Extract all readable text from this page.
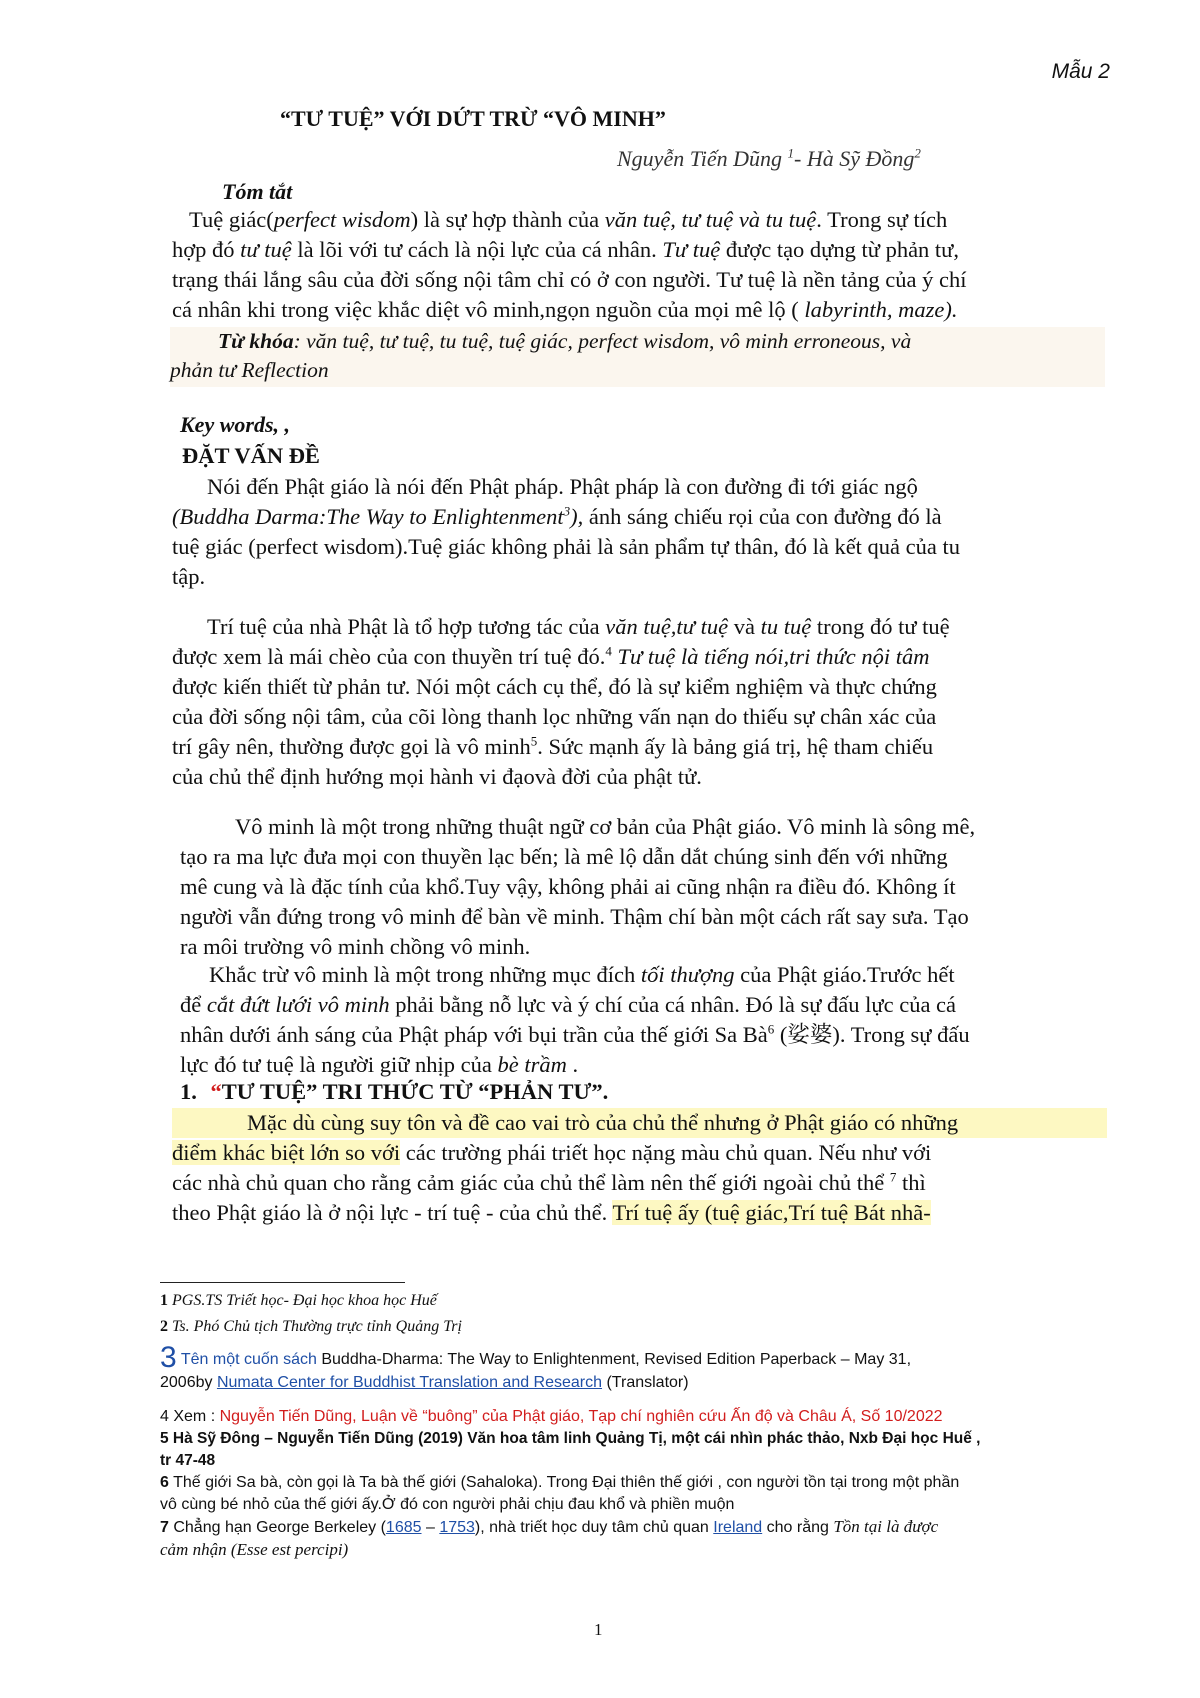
Mẫu 2
“TƯ TUỆ” VỚI DỨT TRỪ “VÔ MINH”
Nguyễn Tiến Dũng $^1$- Hà Sỹ Đồng$^2$
Tóm tắt
Tuệ giác(perfect wisdom) là sự hợp thành của văn tuệ, tư tuệ và tu tuệ. Trong sự tích
hợp đó tư tuệ là lõi với tư cách là nội lực của cá nhân. Tư tuệ được tạo dựng từ phản tư,
trạng thái lắng sâu của đời sống nội tâm chỉ có ở con người. Tư tuệ là nền tảng của ý chí
cá nhân khi trong việc khắc diệt vô minh,ngọn nguồn của mọi mê lộ ( labyrinth, maze).
Từ khóa: văn tuệ, tư tuệ, tu tuệ, tuệ giác, perfect wisdom, vô minh erroneous, và
phản tư Reflection
Key words, ,
ĐẶT VẤN ĐỀ
Nói đến Phật giáo là nói đến Phật pháp. Phật pháp là con đường đi tới giác ngộ
(Buddha Darma:The Way to Enlightenment$^3$), ánh sáng chiếu rọi của con đường đó là
tuệ giác (perfect wisdom).Tuệ giác không phải là sản phẩm tự thân, đó là kết quả của tu
tập.
Trí tuệ của nhà Phật là tổ hợp tương tác của văn tuệ,tư tuệ và tu tuệ trong đó tư tuệ
được xem là mái chèo của con thuyền trí tuệ đó.$^4$ Tư tuệ là tiếng nói,tri thức nội tâm
được kiến thiết từ phản tư. Nói một cách cụ thể, đó là sự kiểm nghiệm và thực chứng
của đời sống nội tâm, của cõi lòng thanh lọc những vấn nạn do thiếu sự chân xác của
trí gây nên, thường được gọi là vô minh$^5$. Sức mạnh ấy là bảng giá trị, hệ tham chiếu
của chủ thể định hướng mọi hành vi đạovà đời của phật tử.
Vô minh là một trong những thuật ngữ cơ bản của Phật giáo. Vô minh là sông mê,
tạo ra ma lực đưa mọi con thuyền lạc bến; là mê lộ dẫn dắt chúng sinh đến với những
mê cung và là đặc tính của khổ.Tuy vậy, không phải ai cũng nhận ra điều đó. Không ít
người vẫn đứng trong vô minh để bàn về minh. Thậm chí bàn một cách rất say sưa. Tạo
ra môi trường vô minh chồng vô minh.
Khắc trừ vô minh là một trong những mục đích tối thượng của Phật giáo.Trước hết
để cắt đứt lưới vô minh phải bằng nỗ lực và ý chí của cá nhân. Đó là sự đấu lực của cá
nhân dưới ánh sáng của Phật pháp với bụi trần của thế giới Sa $Bà^6$ (娑婆). Trong sự đấu
lực đó tư tuệ là người giữ nhịp của bè trầm .
1. “TƯ TUỆ” TRI THỨC TỪ “PHẢN TƯ”.
Mặc dù cùng suy tôn và đề cao vai trò của chủ thể nhưng ở Phật giáo có những
điểm khác biệt lớn so với các trường phái triết học nặng màu chủ quan. Nếu như với
các nhà chủ quan cho rằng cảm giác của chủ thể làm nên thế giới ngoài chủ thể $^7$ thì
theo Phật giáo là ở nội lực - trí tuệ - của chủ thể. Trí tuệ ấy (tuệ giác,Trí tuệ Bát nhã-
1 PGS.TS Triết học- Đại học khoa học Huế
2 Ts. Phó Chủ tịch Thường trực tỉnh Quảng Trị
3 Tên một cuốn sách Buddha-Dharma: The Way to Enlightenment, Revised Edition Paperback – May 31,
2006by Numata Center for Buddhist Translation and Research (Translator)
4 Xem : Nguyễn Tiến Dũng, Luận về “buông” của Phật giáo, Tạp chí nghiên cứu Ấn độ và Châu Á, Số 10/2022
5 Hà Sỹ Đông – Nguyễn Tiến Dũng (2019) Văn hoa tâm linh Quảng Tị, một cái nhìn phác thảo, Nxb Đại học Huế ,
tr 47-48
6 Thế giới Sa bà, còn gọi là Ta bà thế giới (Sahaloka). Trong Đại thiên thế giới , con người tồn tại trong một phần
vô cùng bé nhỏ của thế giới ấy.Ở đó con người phải chịu đau khổ và phiền muộn
7 Chẳng hạn George Berkeley (1685 – 1753), nhà triết học duy tâm chủ quan Ireland cho rằng Tồn tại là được
cảm nhận (Esse est percipi)
1
